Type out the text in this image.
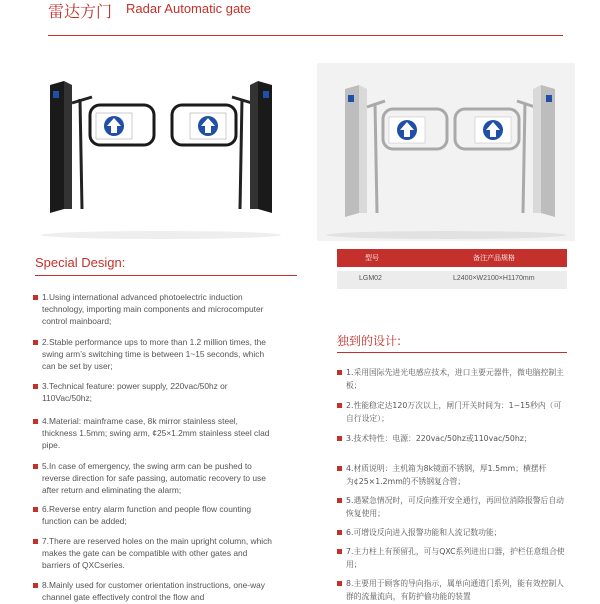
雷达方门 Radar Automatic gate
Special Design:
1.Using international advanced photoelectric induction technology, importing main components and microcomputer control mainboard;
2.Stable performance ups to more than 1.2 million times, the swing arm’s switching time is between 1~15 seconds, which can be set by user;
3.Technical feature: power supply, 220vac/50hz or 110Vac/50hz;
4.Material: mainframe case, 8k mirror stainless steel, thickness 1.5mm; swing arm, ¢25×1.2mm stainless steel clad pipe.
5.In case of emergency, the swing arm can be pushed to reverse direction for safe passing, automatic recovery to use after return and eliminating the alarm;
6.Reverse entry alarm function and people flow counting function can be added;
7.There are reserved holes on the main upright column, which makes the gate can be compatible with other gates and barriers of QXCseries.
8.Mainly used for customer orientation instructions, one-way channel gate effectively control the flow and
型号	备注产品规格
LGM02	L2400×W2100×H1170mm
独到的设计:
1.采用国际先进光电感应技术，进口主要元器件，微电脑控制主板；
2.性能稳定达120万次以上，闸门开关时间为：1~15秒内（可自行设定）；
3.技术特性：电源：220vac/50hz或110vac/50hz；
4.材质说明：主机箱为8k镜面不锈钢，厚1.5mm；横摆杆为¢25×1.2mm的不锈钢复合管；
5.遇紧急情况时，可反向推开安全通行，再回位消除报警后自动恢复使用；
6.可增设反向进入报警功能和人流记数功能；
7.主力柱上有预留孔，可与QXC系列进出口器，护栏任意组合使用；
8.主要用于顾客的导向指示，属单向通道门系列，能有效控制人群的流量流向，有防护偷功能的装置
